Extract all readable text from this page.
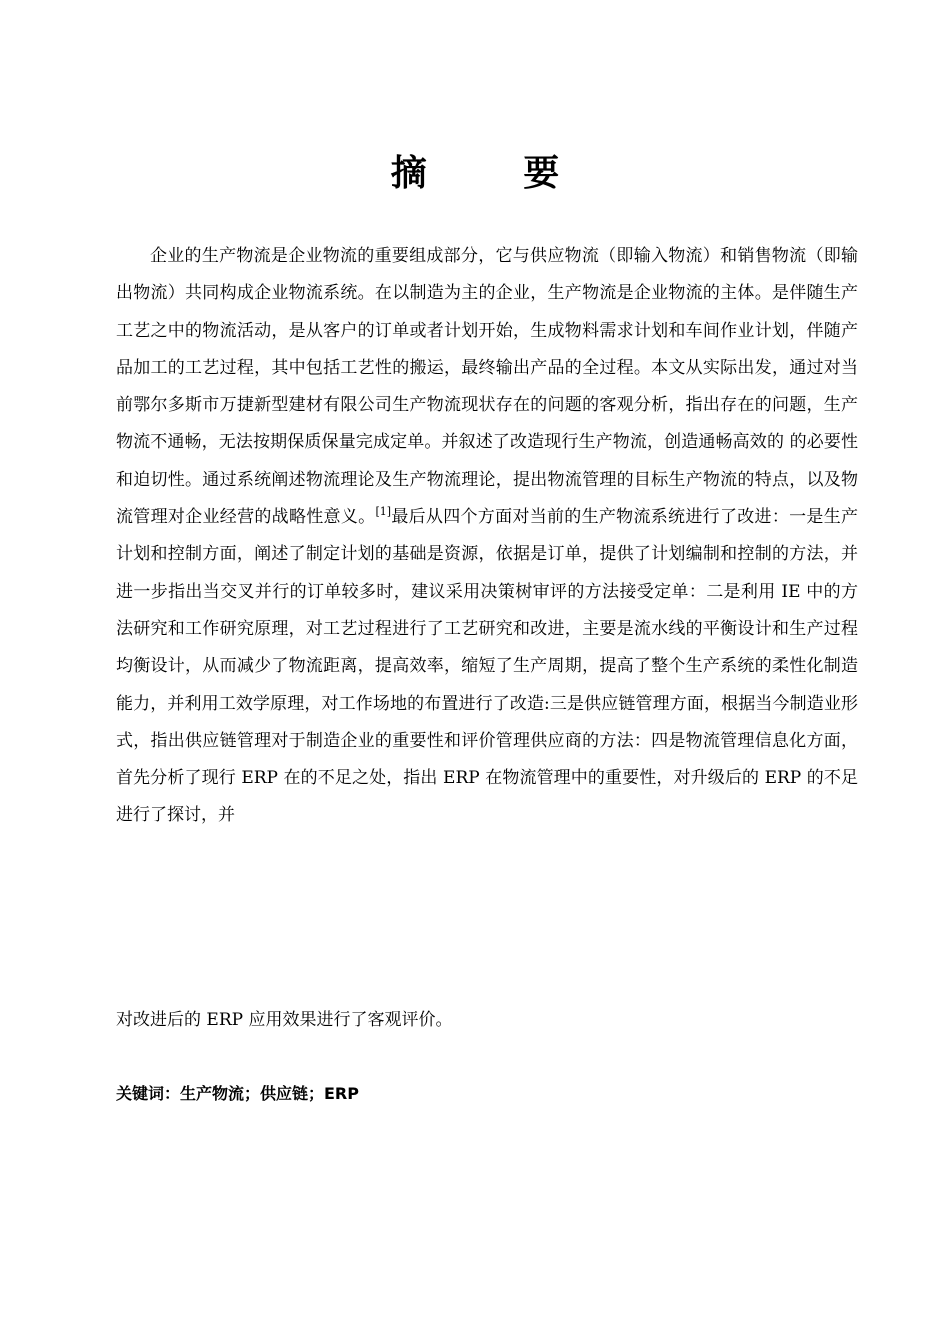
摘 要
企业的生产物流是企业物流的重要组成部分，它与供应物流（即输入物流）和销售物流（即输出物流）共同构成企业物流系统。在以制造为主的企业，生产物流是企业物流的主体。是伴随生产工艺之中的物流活动，是从客户的订单或者计划开始，生成物料需求计划和车间作业计划，伴随产品加工的工艺过程，其中包括工艺性的搬运，最终输出产品的全过程。本文从实际出发，通过对当前鄂尔多斯市万捷新型建材有限公司生产物流现状存在的问题的客观分析，指出存在的问题，生产物流不通畅，无法按期保质保量完成定单。并叙述了改造现行生产物流，创造通畅高效的 的必要性和迫切性。通过系统阐述物流理论及生产物流理论，提出物流管理的目标生产物流的特点，以及物流管理对企业经营的战略性意义。[1]最后从四个方面对当前的生产物流系统进行了改进：一是生产计划和控制方面，阐述了制定计划的基础是资源，依据是订单，提供了计划编制和控制的方法，并进一步指出当交叉并行的订单较多时，建议采用决策树审评的方法接受定单：二是利用 IE 中的方法研究和工作研究原理，对工艺过程进行了工艺研究和改进，主要是流水线的平衡设计和生产过程均衡设计，从而减少了物流距离，提高效率，缩短了生产周期，提高了整个生产系统的柔性化制造能力，并利用工效学原理，对工作场地的布置进行了改造:三是供应链管理方面，根据当今制造业形式，指出供应链管理对于制造企业的重要性和评价管理供应商的方法：四是物流管理信息化方面，首先分析了现行 ERP 在的不足之处，指出 ERP 在物流管理中的重要性，对升级后的 ERP 的不足进行了探讨，并
对改进后的 ERP 应用效果进行了客观评价。
关键词：生产物流；供应链；ERP
